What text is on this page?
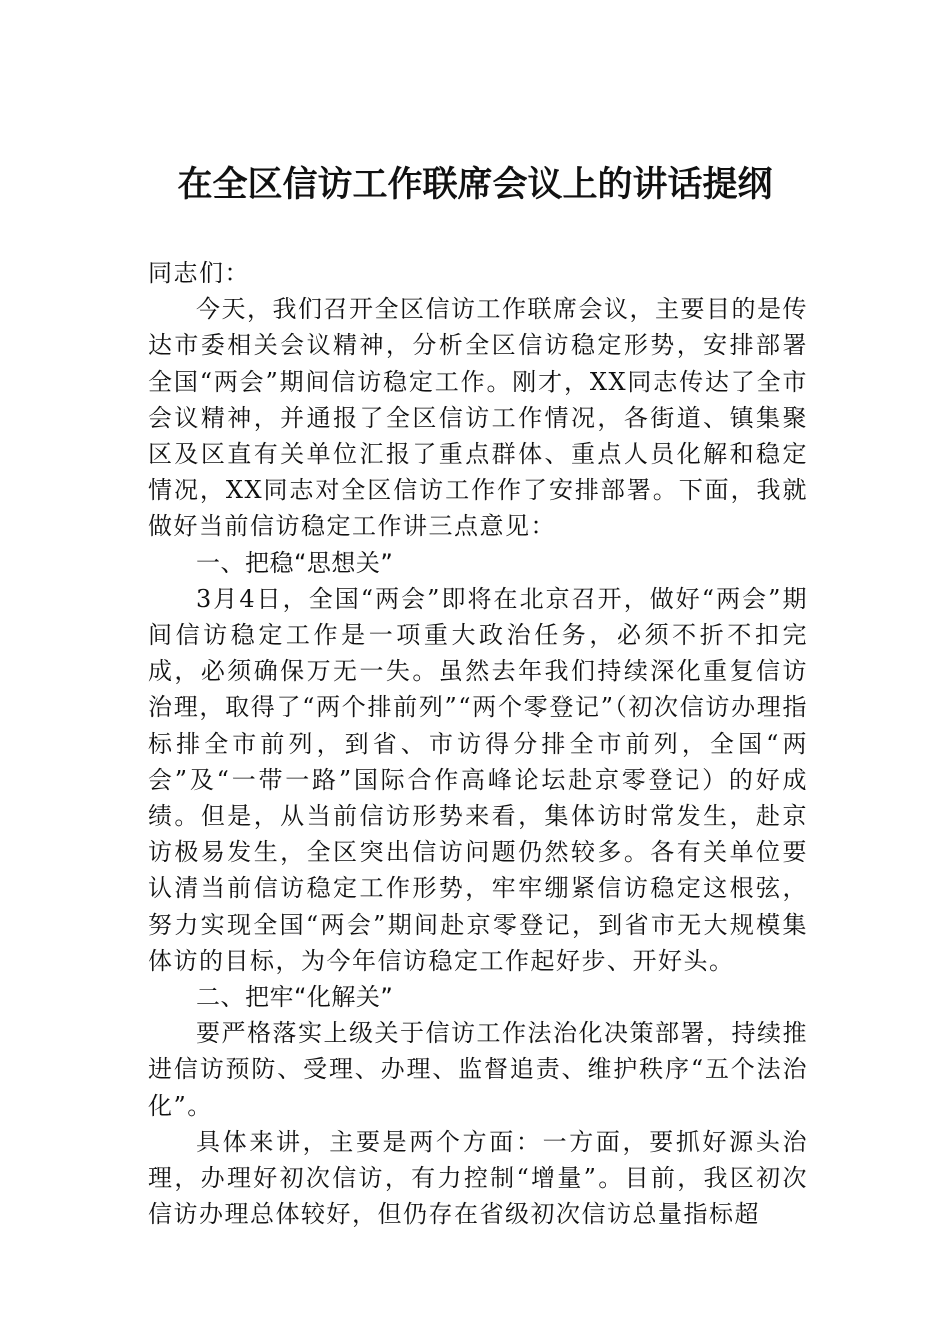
在全区信访工作联席会议上的讲话提纲

同志们：

今天，我们召开全区信访工作联席会议，主要目的是传达市委相关会议精神，分析全区信访稳定形势，安排部署全国“两会”期间信访稳定工作。刚才，XX同志传达了全市会议精神，并通报了全区信访工作情况，各街道、镇集聚区及区直有关单位汇报了重点群体、重点人员化解和稳定情况，XX同志对全区信访工作作了安排部署。下面，我就做好当前信访稳定工作讲三点意见：

一、把稳“思想关”

3月4日，全国“两会”即将在北京召开，做好“两会”期间信访稳定工作是一项重大政治任务，必须不折不扣完成，必须确保万无一失。虽然去年我们持续深化重复信访治理，取得了“两个排前列”“两个零登记”（初次信访办理指标排全市前列，到省、市访得分排全市前列，全国“两会”及“一带一路”国际合作高峰论坛赴京零登记）的好成绩。但是，从当前信访形势来看，集体访时常发生，赴京访极易发生，全区突出信访问题仍然较多。各有关单位要认清当前信访稳定工作形势，牢牢绷紧信访稳定这根弦，努力实现全国“两会”期间赴京零登记，到省市无大规模集体访的目标，为今年信访稳定工作起好步、开好头。

二、把牢“化解关”

要严格落实上级关于信访工作法治化决策部署，持续推进信访预防、受理、办理、监督追责、维护秩序“五个法治化”。

具体来讲，主要是两个方面：一方面，要抓好源头治理，办理好初次信访，有力控制“增量”。目前，我区初次信访办理总体较好，但仍存在省级初次信访总量指标超
